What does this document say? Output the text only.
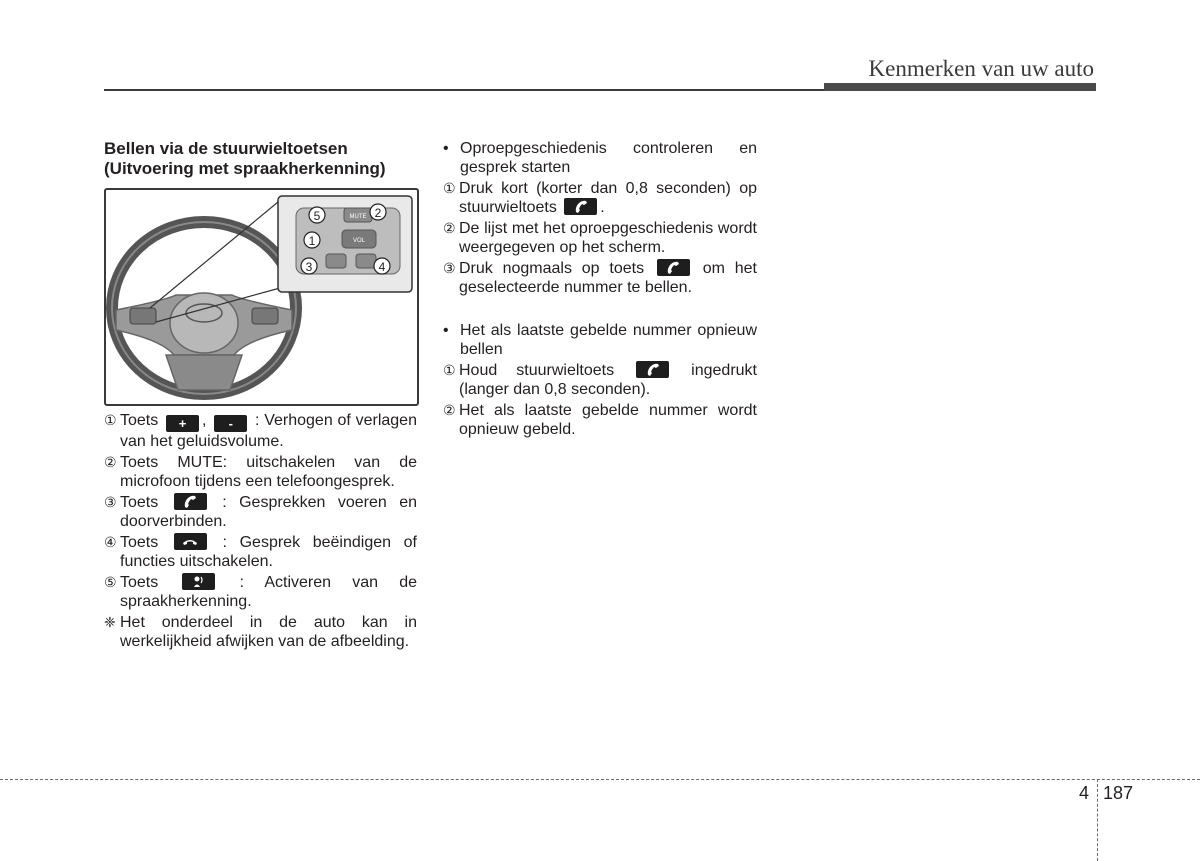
Kenmerken van uw auto
Bellen via de stuurwieltoetsen (Uitvoering met spraakherkenning)
MUTE
VOL
5	2
1
3	4
① Toets + , - : Verhogen of verlagen van het geluidsvolume.
② Toets MUTE: uitschakelen van de microfoon tijdens een telefoongesprek.
③ Toets	: Gesprekken voeren en doorverbinden.
④ Toets	: Gesprek beëindigen of functies uitschakelen.
⑤ Toets	: Activeren van de spraakherkenning.
❈ Het onderdeel in de auto kan in werkelijkheid afwijken van de afbeelding.
• Oproepgeschiedenis controleren en gesprek starten
① Druk kort (korter dan 0,8 seconden) op stuurwieltoets	.
② De lijst met het oproepgeschiedenis wordt weergegeven op het scherm.
③ Druk nogmaals op toets	om het geselecteerde nummer te bellen.
• Het als laatste gebelde nummer opnieuw bellen
① Houd stuurwieltoets	ingedrukt (langer dan 0,8 seconden).
② Het als laatste gebelde nummer wordt opnieuw gebeld.
4 187
